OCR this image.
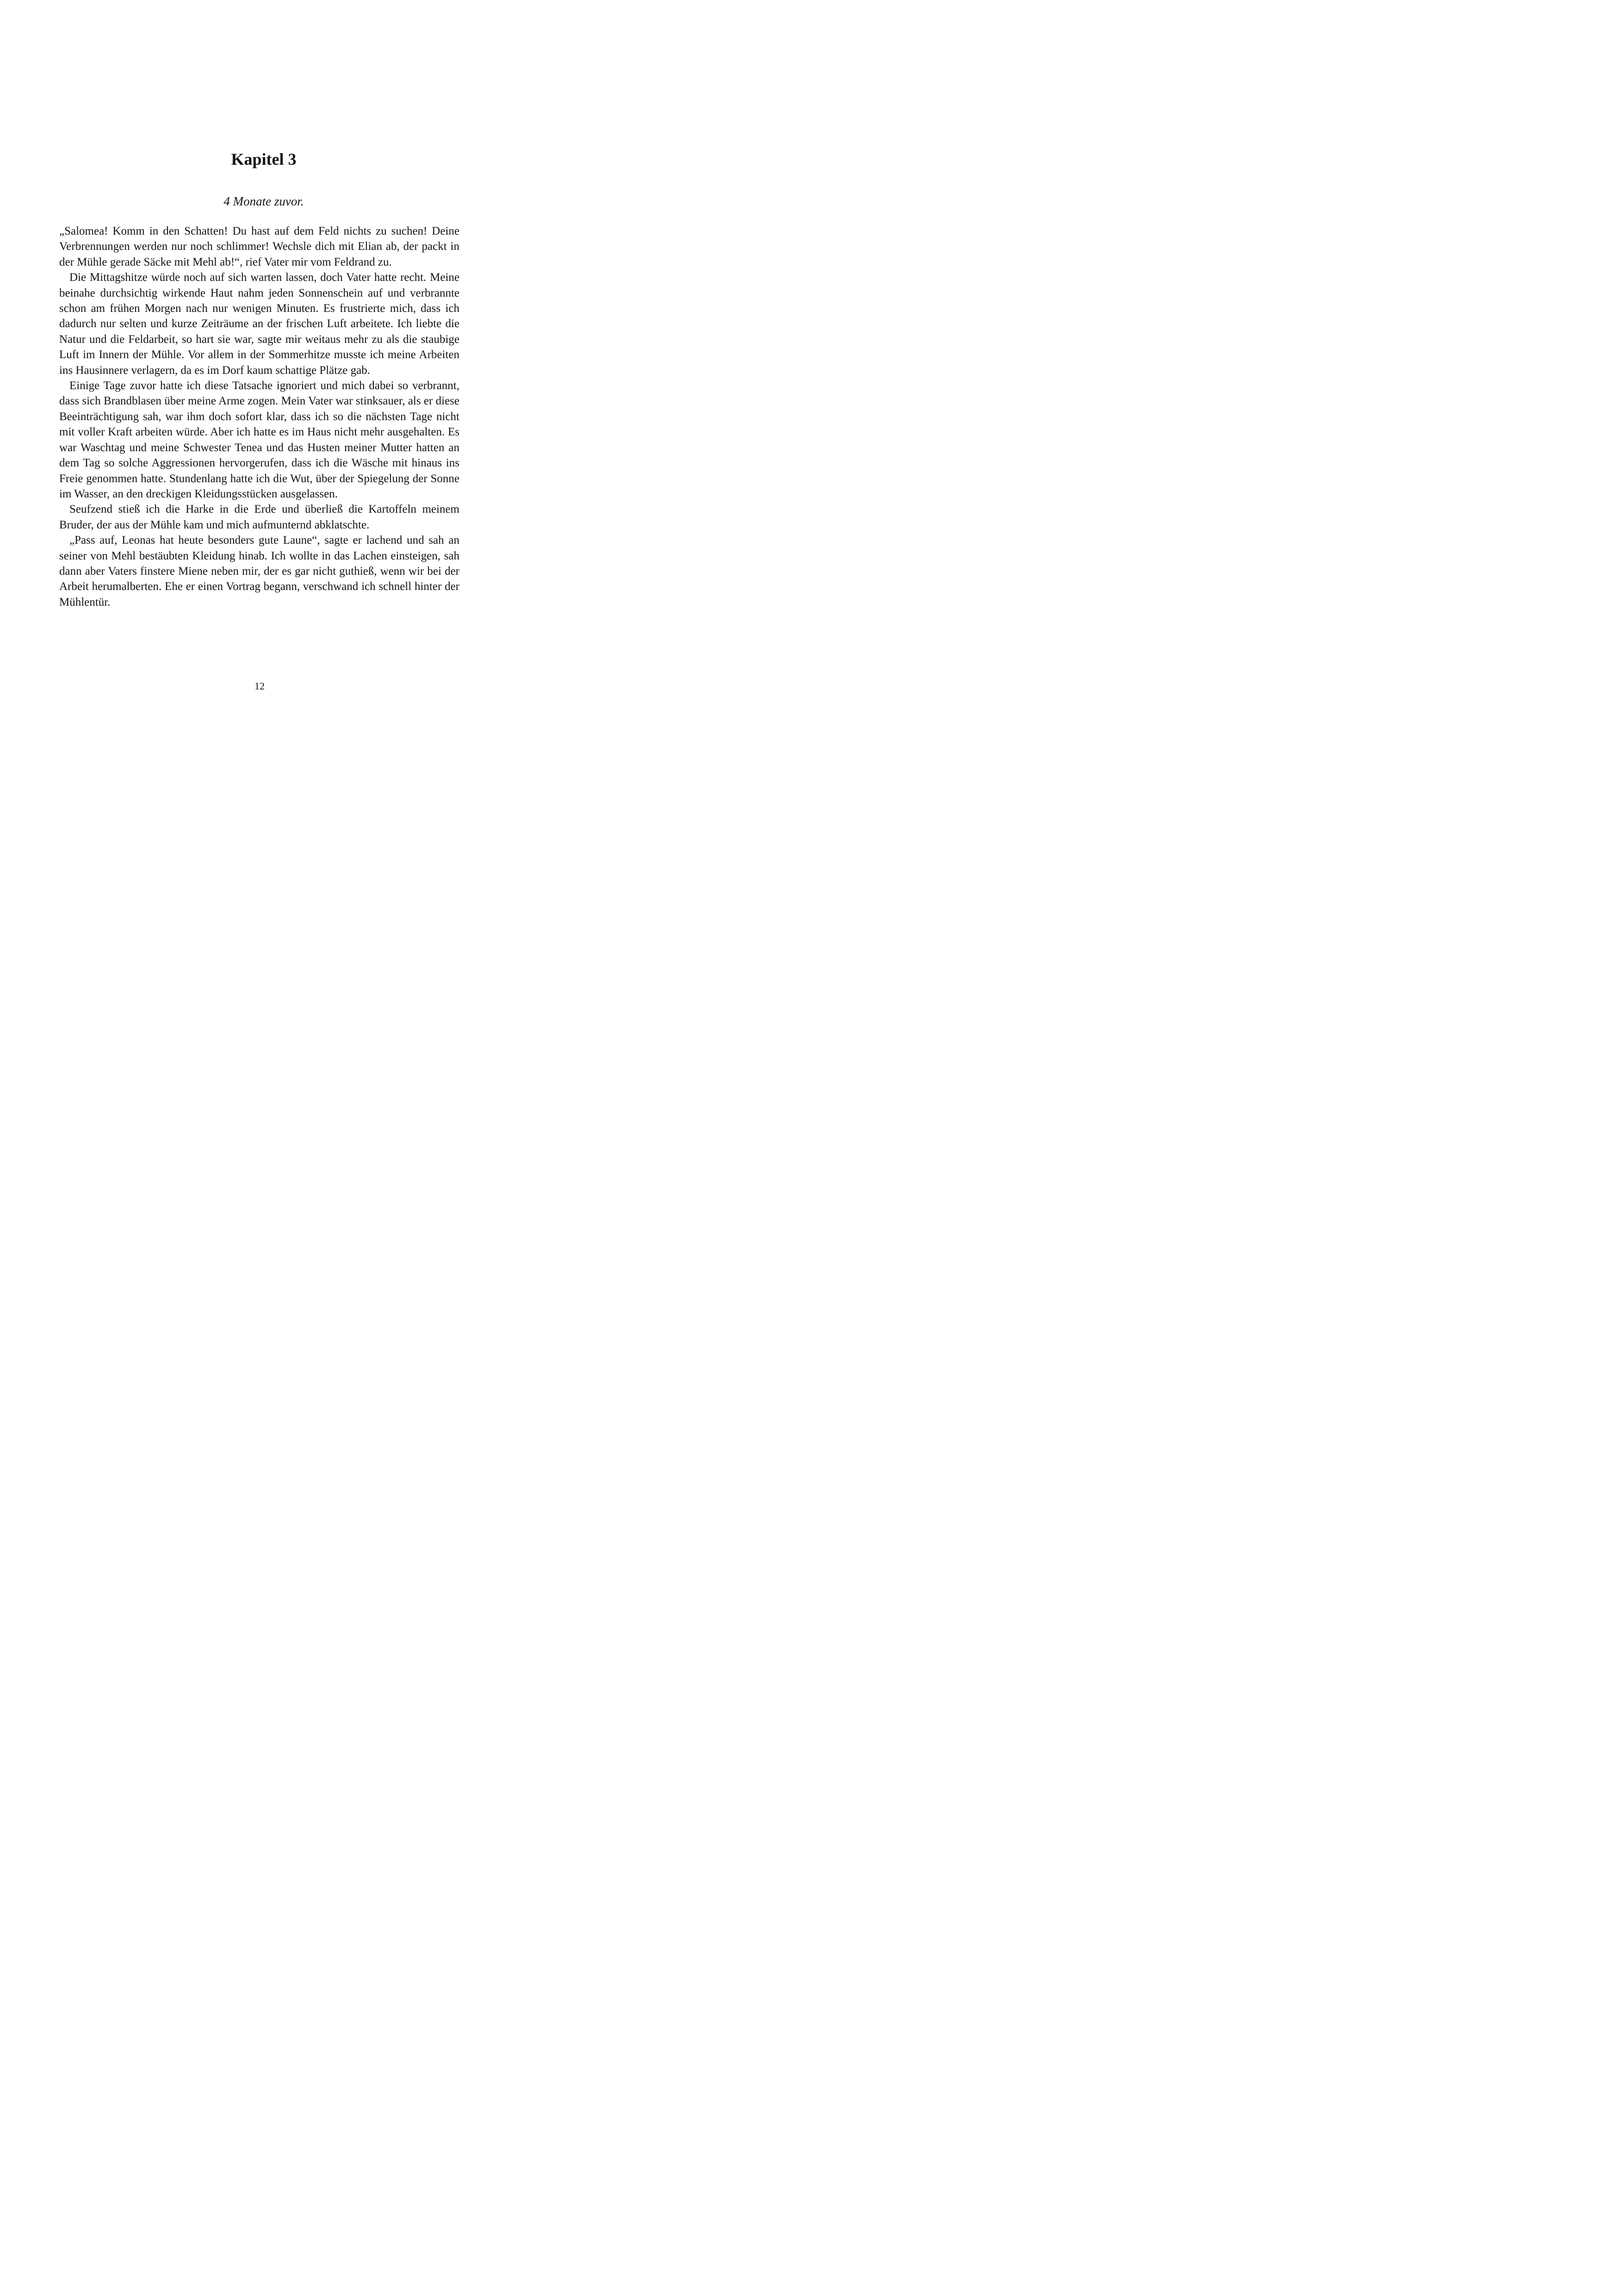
Kapitel 3
4 Monate zuvor.

„Salomea! Komm in den Schatten! Du hast auf dem Feld nichts zu suchen! Deine Verbrennungen werden nur noch schlimmer! Wechsle dich mit Elian ab, der packt in der Mühle gerade Säcke mit Mehl ab!“, rief Vater mir vom Feldrand zu.

Die Mittagshitze würde noch auf sich warten lassen, doch Vater hatte recht. Meine beinahe durchsichtig wirkende Haut nahm jeden Sonnenschein auf und verbrannte schon am frühen Morgen nach nur wenigen Minuten. Es frustrierte mich, dass ich dadurch nur selten und kurze Zeiträume an der frischen Luft arbeitete. Ich liebte die Natur und die Feldarbeit, so hart sie war, sagte mir weitaus mehr zu als die staubige Luft im Innern der Mühle. Vor allem in der Sommerhitze musste ich meine Arbeiten ins Hausinnere verlagern, da es im Dorf kaum schattige Plätze gab.

Einige Tage zuvor hatte ich diese Tatsache ignoriert und mich dabei so verbrannt, dass sich Brandblasen über meine Arme zogen. Mein Vater war stinksauer, als er diese Beeinträchtigung sah, war ihm doch sofort klar, dass ich so die nächsten Tage nicht mit voller Kraft arbeiten würde. Aber ich hatte es im Haus nicht mehr ausgehalten. Es war Waschtag und meine Schwester Tenea und das Husten meiner Mutter hatten an dem Tag so solche Aggressionen hervorgerufen, dass ich die Wäsche mit hinaus ins Freie genommen hatte. Stundenlang hatte ich die Wut, über der Spiegelung der Sonne im Wasser, an den dreckigen Kleidungsstücken ausgelassen.

Seufzend stieß ich die Harke in die Erde und überließ die Kartoffeln meinem Bruder, der aus der Mühle kam und mich aufmunternd abklatschte.

„Pass auf, Leonas hat heute besonders gute Laune“, sagte er lachend und sah an seiner von Mehl bestäubten Kleidung hinab. Ich wollte in das Lachen einsteigen, sah dann aber Vaters finstere Miene neben mir, der es gar nicht guthieß, wenn wir bei der Arbeit herumalberten. Ehe er einen Vortrag begann, verschwand ich schnell hinter der Mühlentür.

12
